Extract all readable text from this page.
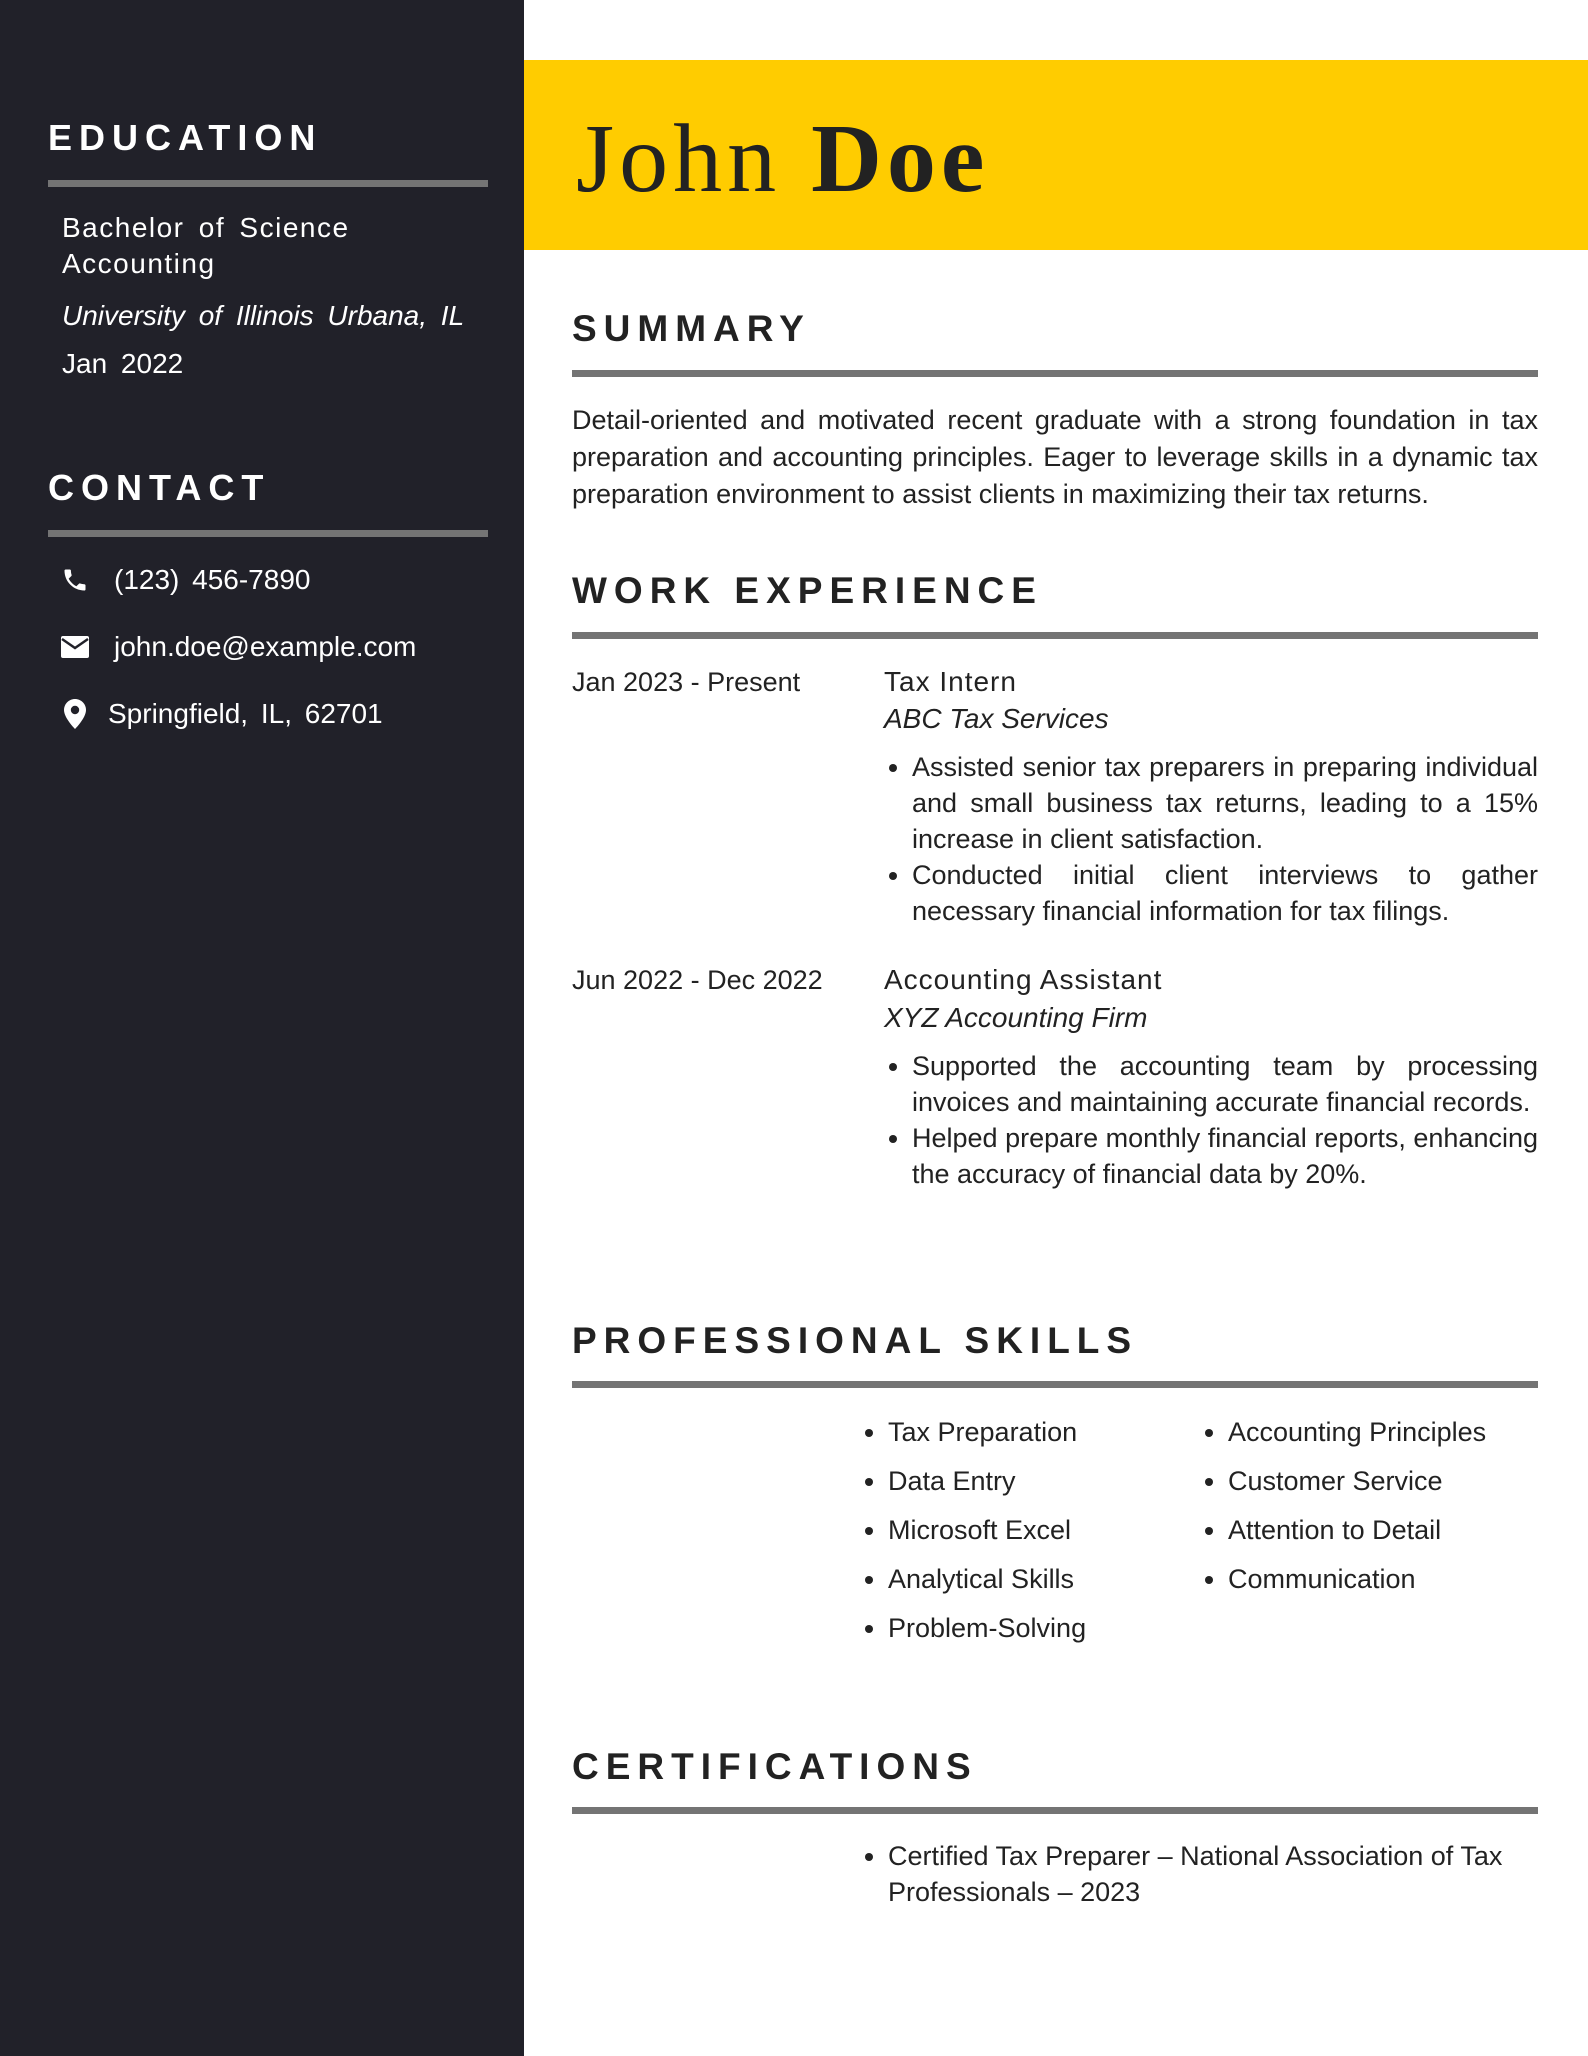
EDUCATION
Bachelor of Science
Accounting
University of Illinois Urbana, IL
Jan 2022
CONTACT
(123) 456-7890
john.doe@example.com
Springfield, IL, 62701
John Doe
SUMMARY

Detail-oriented and motivated recent graduate with a strong foundation in tax preparation and accounting principles. Eager to leverage skills in a dynamic tax preparation environment to assist clients in maximizing their tax returns.

WORK EXPERIENCE
Jan 2023 - Present	Tax Intern
ABC Tax Services
• Assisted senior tax preparers in preparing individual and small business tax returns, leading to a 15% increase in client satisfaction.
• Conducted initial client interviews to gather necessary financial information for tax filings.
Jun 2022 - Dec 2022 Accounting Assistant
XYZ Accounting Firm
• Supported the accounting team by processing invoices and maintaining accurate financial records.
• Helped prepare monthly financial reports, enhancing the accuracy of financial data by 20%.
PROFESSIONAL SKILLS
• Tax Preparation
• Data Entry
• Microsoft Excel
• Analytical Skills
• Problem-Solving
• Accounting Principles
• Customer Service
• Attention to Detail
• Communication
CERTIFICATIONS
• Certified Tax Preparer – National Association of Tax Professionals – 2023
